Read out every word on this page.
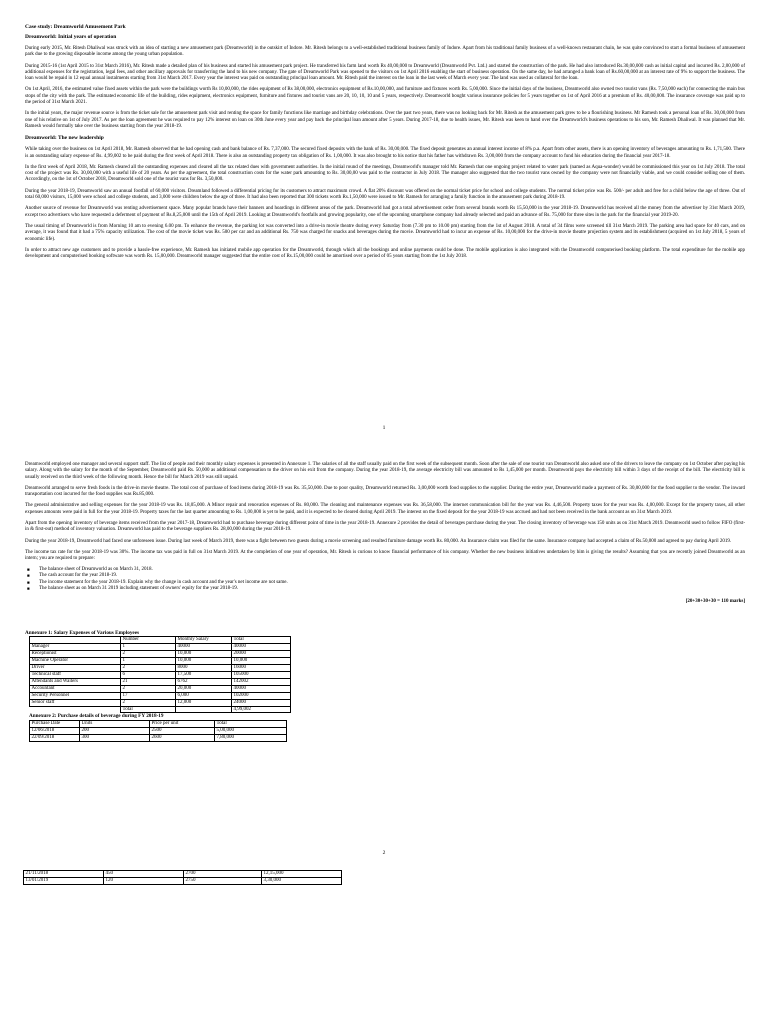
Case study: Dreamworld Amusement Park

Dreamworld: Initial years of operation

During early 2015, Mr. Ritesh Dhaliwal was struck with an idea of starting a new amusement park (Dreamworld) in the outskirt of Indore. Mr. Ritesh belongs to a well-established traditional business family of Indore. Apart from his traditional family business of a well-known restaurant chain, he was quite convinced to start a formal business of amusement park due to the growing disposable income among the young urban population.

During 2015-16 (1st April 2015 to 31st March 2016), Mr. Ritesh made a detailed plan of his business and started his amusement park project. He transferred his farm land worth Rs 40,00,000 to Dreamworld (Dreamworld Pvt. Ltd.) and started the construction of the park. He had also introduced Rs.30,00,000 cash as initial capital and incurred Rs. 2,00,000 of additional expenses for the registration, legal fees, and other ancillary approvals for transferring the land to his new company. The gate of Dreamworld Park was opened to the visitors on 1st April 2016 enabling the start of business operation. On the same day, he had arranged a bank loan of Rs.60,00,000 at an interest rate of 9% to support the business. The loan would be repaid in 12 equal annual instalments starting from 31st March 2017. Every year the interest was paid on outstanding principal loan amount. Mr. Ritesh paid the interest on the loan in the last week of March every year. The land was used as collateral for the loan.

On 1st April, 2016, the estimated value fixed assets within the park were the buildings worth Rs 10,00,000, the rides equipment of Rs 38,00,000, electronics equipment of Rs.10,00,000, and furniture and fixtures worth Rs. 5,00,000. Since the initial days of the business, Dreamworld also owned two tourist vans (Rs. 7,50,000 each) for connecting the main bus stops of the city with the park. The estimated economic life of the building, rides equipment, electronics equipment, furniture and fixtures and tourist vans are 20, 10, 10, 10 and 5 years, respectively. Dreamworld bought various insurance policies for 5 years together on 1st of April 2016 at a premium of Rs. 40,00,000. The insurance coverage was paid up to the period of 31st March 2021.

In the initial years, the major revenue source is from the ticket sale for the amusement park visit and renting the space for family functions like marriage and birthday celebrations. Over the past two years, there was no looking back for Mr. Ritesh as the amusement park grew to be a flourishing business. Mr Ramesh took a personal loan of Rs. 30,00,000 from one of his relative on 1st of July 2017. As per the loan agreement he was required to pay 12% interest on loan on 30th June every year and pay back the principal loan amount after 5 years. During 2017-18, due to health issues, Mr. Ritesh was keen to hand over the Dreamworld's business operations to his son, Mr. Ramesh Dhaliwal. It was planned that Mr. Ramesh would formally take over the business starting from the year 2018-19.

Dreamworld: The new leadership

While taking over the business on 1st April 2018, Mr. Ramesh observed that he had opening cash and bank balance of Rs. 7,37,000. The secured fixed deposits with the bank of Rs. 30,00,000. The fixed deposit generates an annual interest income of 8% p.a. Apart from other assets, there is an opening inventory of beverages amounting to Rs. 1,71,500. There is an outstanding salary expense of Rs. 4,99,002 to be paid during the first week of April 2018. There is also an outstanding property tax obligation of Rs. 1,00,000. It was also brought to his notice that his father has withdrawn Rs. 3,00,000 from the company account to fund his education during the financial year 2017-18.

In the first week of April 2018, Mr. Ramesh cleared all the outstanding expenses and cleared all the tax related dues with government authorities. In the initial round of the meetings, Dreamworld's manager told Mr. Ramesh that one ongoing project related to water park (named as Aqua-wonder) would be commissioned this year on 1st July 2018. The total cost of the project was Rs. 30,00,000 with a useful life of 20 years. As per the agreement, the total construction costs for the water park amounting to Rs. 30,00,00 was paid to the contractor in July 2018. The manager also suggested that the two tourist vans owned by the company were not financially viable, and we could consider selling one of them. Accordingly, on the 1st of October 2018, Dreamworld sold one of the tourist vans for Rs. 3,50,000.

During the year 2018-19, Dreamworld saw an annual footfall of 60,000 visitors. Dreamland followed a differential pricing for its customers to attract maximum crowd. A flat 20% discount was offered on the normal ticket price for school and college students. The normal ticket price was Rs. 500/- per adult and free for a child below the age of three. Out of total 60,000 visitors, 15,000 were school and college students, and 3,000 were children below the age of three. It had also been reported that 300 tickets worth Rs.1,50,000 were issued to Mr. Ramesh for arranging a family function in the amusement park during 2018-19.

Another source of revenue for Dreamworld was renting advertisement space. Many popular brands have their banners and hoardings in different areas of the park. Dreamworld had got a total advertisement order from several brands worth Rs 15,50,000 in the year 2018-19. Dreamworld has received all the money from the advertiser by 31st March 2019, except two advertisers who have requested a deferment of payment of Rs.8,25,000 until the 15th of April 2019. Looking at Dreamworld's footfalls and growing popularity, one of the upcoming smartphone company had already selected and paid an advance of Rs. 75,000 for three sites in the park for the financial year 2019-20.

The usual timing of Dreamworld is from Morning 10 am to evening 6.00 pm. To enhance the revenue, the parking lot was converted into a drive-in movie theatre during every Saturday from (7.30 pm to 10.00 pm) starting from the 1st of August 2018. A total of 34 films were screened till 31st March 2019. The parking area had space for 40 cars, and on average, it was found that it had a 75% capacity utilization. The cost of the movie ticket was Rs. 500 per car and an additional Rs. 750 was charged for snacks and beverages during the movie. Dreamworld had to incur an expense of Rs. 10,00,000 for the drive-in movie theatre projection system and its establishment (acquired on 1st July 2018, 5 years of economic life).

In order to attract new age customers and to provide a hassle-free experience, Mr. Ramesh has initiated mobile app operation for the Dreamworld, through which all the bookings and online payments could be done. The mobile application is also integrated with the Dreamworld computerised booking platform. The total expenditure for the mobile app development and computerised booking software was worth Rs. 15,00,000. Dreamworld manager suggested that the entire cost of Rs.15,00,000 could be amortised over a period of 05 years starting from the 1st July 2018.

1

Dreamworld employed one manager and several support staff. The list of people and their monthly salary expenses is presented in Annexure 1. The salaries of all the staff usually paid on the first week of the subsequent month. Soon after the sale of one tourist van Dreamworld also asked one of the drivers to leave the company on 1st October after paying his salary. Along with the salary for the month of the September, Dreamworld paid Rs. 50,000 as additional compensation to the driver on his exit from the company. During the year 2018-19, the average electricity bill was amounted to Rs 1,45,000 per month. Dreamworld pays the electricity bill within 3 days of the receipt of the bill. The electricity bill is usually received on the third week of the following month. Hence the bill for March 2019 was still unpaid.

Dreamworld arranged to serve fresh foods in the drive-in movie theatre. The total cost of purchase of food items during 2018-19 was Rs. 35,50,000. Due to poor quality, Dreamworld returned Rs. 3,00,000 worth food supplies to the supplier. During the entire year, Dreamworld made a payment of Rs. 30,00,000 for the food supplier to the vendor. The inward transportation cost incurred for the food supplies was Rs.85,000.

The general administrative and selling expenses for the year 2018-19 was Rs. 18,05,000. A Minor repair and renovation expenses of Rs. 80,000. The cleaning and maintenance expenses was Rs. 36,58,000. The internet communication bill for the year was Rs. 4,46,500. Property taxes for the year was Rs. 4,00,000. Except for the property taxes, all other expenses amounts were paid in full for the year 2018-19. Property taxes for the last quarter amounting to Rs. 1,00,000 is yet to be paid, and it is expected to be cleared during April 2019. The interest on the fixed deposit for the year 2018-19 was accrued and had not been received in the bank account as on 31st March 2019.

Apart from the opening inventory of beverage items received from the year 2017-18, Dreamworld had to purchase beverage during different point of time in the year 2018-19. Annexure 2 provides the detail of beverages purchase during the year. The closing inventory of beverage was 150 units as on 31st March 2019. Dreamworld used to follow FIFO (first-in & first-out) method of inventory valuation. Dreamworld has paid to the beverage suppliers Rs. 28,00,000 during the year 2018-19.

During the year 2018-19, Dreamworld had faced one unforeseen issue. During last week of March 2019, there was a fight between two guests during a movie screening and resulted furniture damage worth Rs. 80,000. An Insurance claim was filed for the same. Insurance company had accepted a claim of Rs.50,000 and agreed to pay during April 2019.

The income tax rate for the year 2018-19 was 30%. The income tax was paid in full on 31st March 2019. At the completion of one year of operation, Mr. Ritesh is curious to know financial performance of his company. Whether the new business initiatives undertaken by him is giving the results? Assuming that you are recently joined Dreamworld as an intern; you are required to prepare:

■ The balance sheet of Dreamworld as on March 31, 2018.
■ The cash account for the year 2018-19.
■ The income statement for the year 2018-19. Explain why the change in cash account and the year's net income are not same.
■ The balance sheet as on March 31 2019 including statement of owners' equity for the year 2018-19.
[20+30+30+30 = 110 marks]

Annexure 1: Salary Expenses of Various Employees

	Number	Monthly Salary	Total
Manager	1	40000	40000
Receptionist	2	10,000	20000
Machine Operator	1	10,000	10,000
Driver	2	8000	16000
Technical staff	6	17,500	105000
Attendants and Waiters	21	6762	142002
Accountant	2	20,000	40000
Security Personnel	17	6,000	102000
Senior staff	2	12,000	24000
	Total		4,99,002

Annexure 2: Purchase details of beverage during FY 2018-19

Purchase Date	Units	Price per unit	Total
12/06/2018	200	2500	5,00,000
22/09/2018	300	2600	7,80,000
2
21/11/2018	450	2700	12,15,000
13/01/2019	120	2750	3,30,000
